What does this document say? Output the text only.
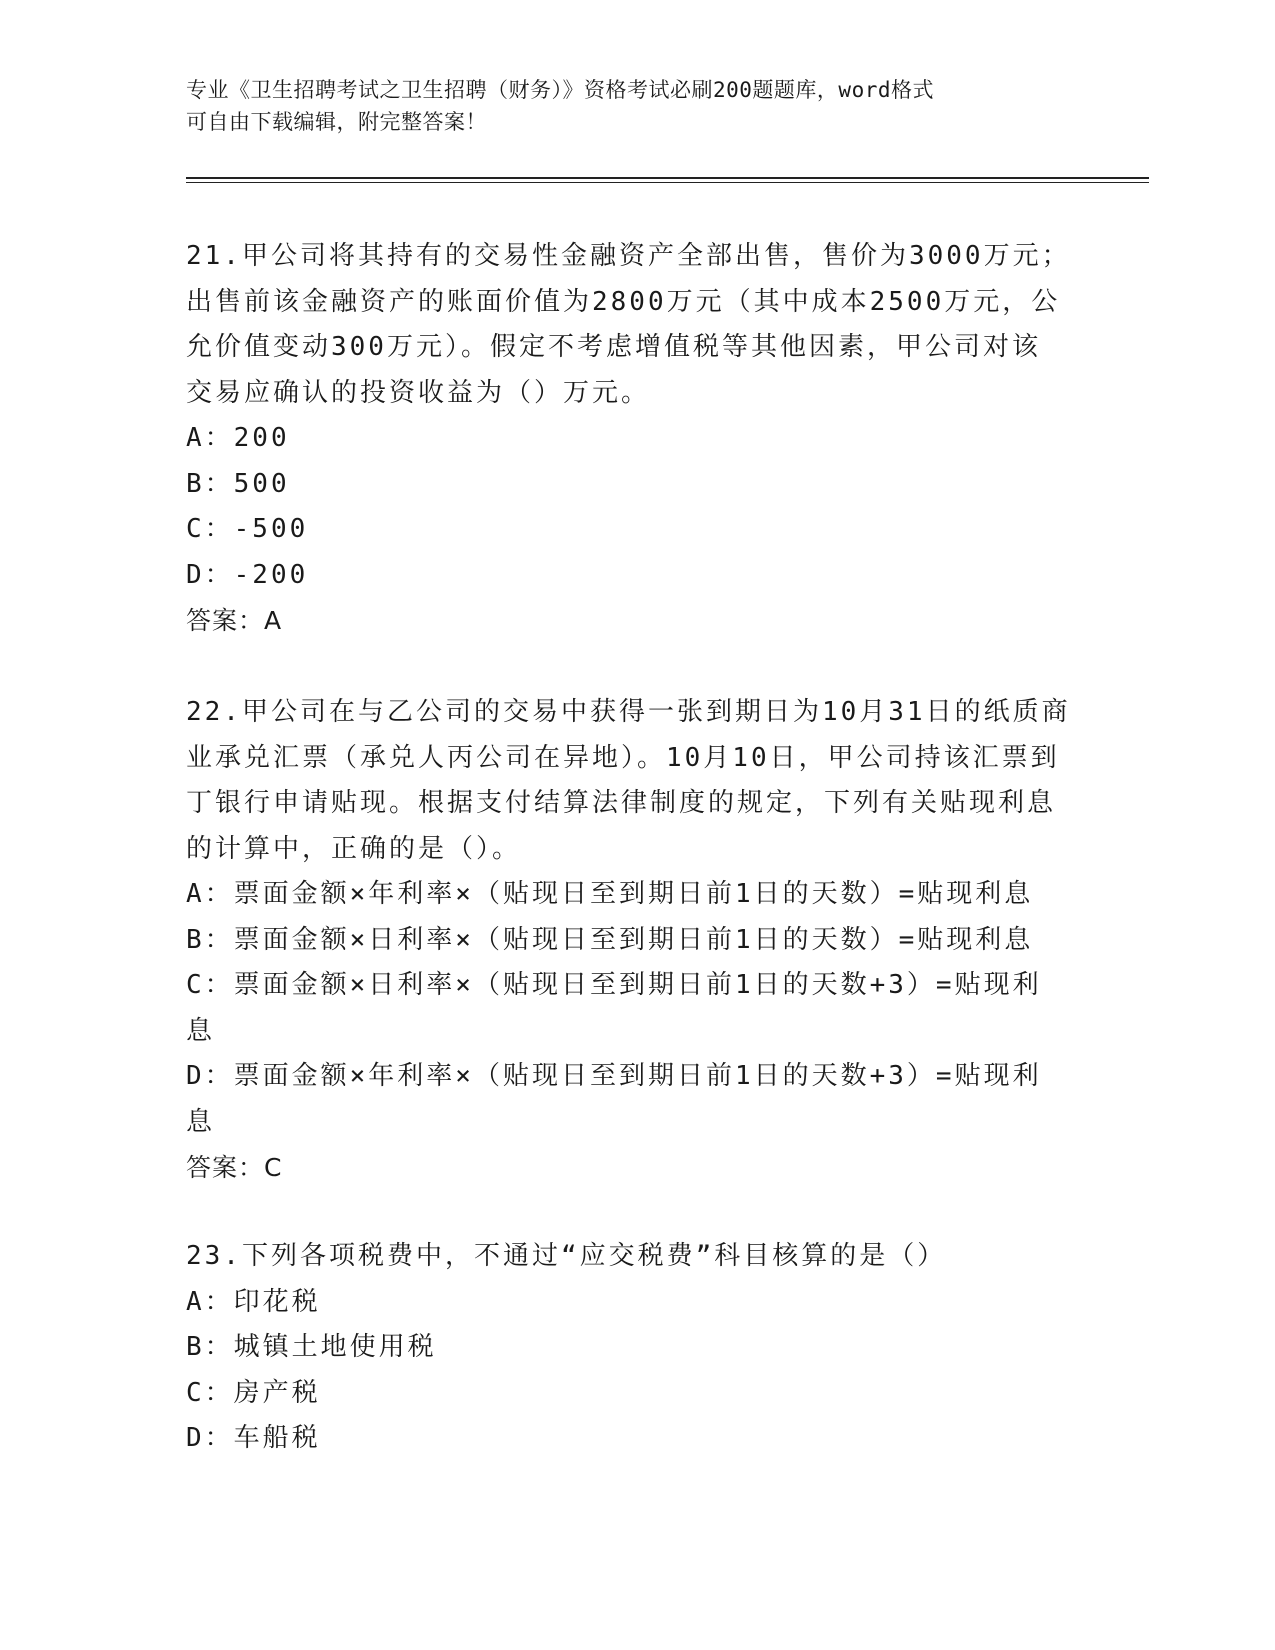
专业《卫生招聘考试之卫生招聘（财务）》资格考试必刷200题题库，word格式
可自由下载编辑，附完整答案！

21.甲公司将其持有的交易性金融资产全部出售，售价为3000万元；

出售前该金融资产的账面价值为2800万元（其中成本2500万元，公

允价值变动300万元）。假定不考虑增值税等其他因素，甲公司对该

交易应确认的投资收益为（）万元。

A：200

B：500

C：-500

D：-200

答案：A

22.甲公司在与乙公司的交易中获得一张到期日为10月31日的纸质商

业承兑汇票（承兑人丙公司在异地）。10月10日，甲公司持该汇票到

丁银行申请贴现。根据支付结算法律制度的规定，下列有关贴现利息

的计算中，正确的是（）。

A：票面金额×年利率×（贴现日至到期日前1日的天数）=贴现利息

B：票面金额×日利率×（贴现日至到期日前1日的天数）=贴现利息

C：票面金额×日利率×（贴现日至到期日前1日的天数+3）=贴现利

息

D：票面金额×年利率×（贴现日至到期日前1日的天数+3）=贴现利

息

答案：C

23.下列各项税费中，不通过“应交税费”科目核算的是（）

A：印花税

B：城镇土地使用税

C：房产税

D：车船税
